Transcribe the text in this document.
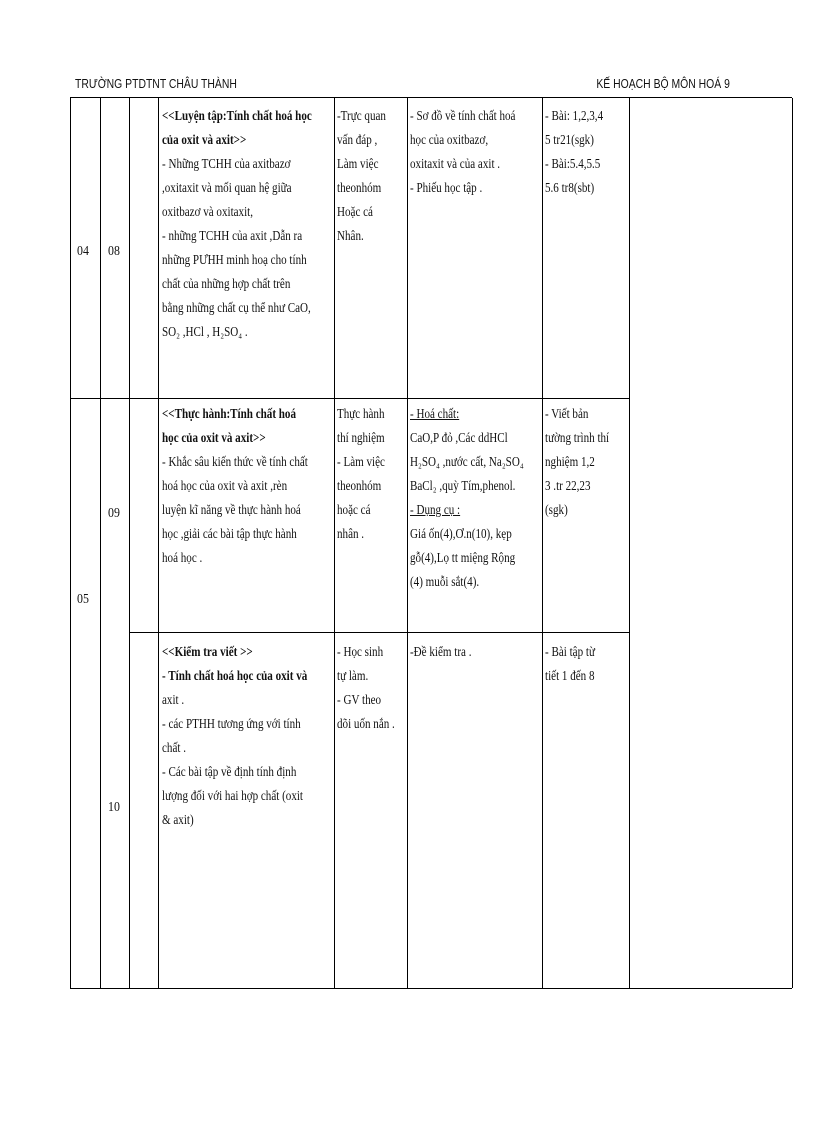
TRƯỜNG PTDTNT CHÂU THÀNH	KẾ HOẠCH BỘ MÔN HOÁ 9
04 08
<<Luyện tập:Tính chất hoá học
của oxit và axit>>
- Những TCHH của axitbazơ
,oxitaxit và mối quan hệ giữa
oxitbazơ và oxitaxit,
- những TCHH của axit ,Dẫn ra
những PƯHH minh hoạ cho tính
chất của những hợp chất trên
bằng những chất cụ thể như CaO,
SO₂ ,HCl , H₂SO₄ .
-Trực quan
vấn đáp ,
Làm việc
theonhóm
Hoặc cá
Nhân.
- Sơ đồ về tính chất hoá
học của oxitbazơ,
oxitaxit và của axit .
- Phiếu học tập .
- Bài: 1,2,3,4
5 tr21(sgk)
- Bài:5.4,5.5
5.6 tr8(sbt)
05
09
<<Thực hành:Tính chất hoá
học của oxit và axit>>
- Khắc sâu kiến thức về tính chất
hoá học của oxit và axit ,rèn
luyện kĩ năng về thực hành hoá
học ,giải các bài tập thực hành
hoá học .
Thực hành
thí nghiệm
- Làm việc
theonhóm
hoặc cá
nhân .
- Hoá chất:
CaO,P đỏ ,Các ddHCl
H₂SO₄ ,nước cất, Na₂SO₄
BaCl₂ ,quỳ Tím,phenol.
- Dụng cụ :
Giá ốn(4),Ơ.n(10), kẹp
gỗ(4),Lọ tt miệng Rộng
(4) muỗi sắt(4).
- Viết bản
tường trình thí
nghiệm 1,2
3 .tr 22,23
(sgk)
10
<<Kiểm tra viết >>
- Tính chất hoá học của oxit và
axit .
- các PTHH tương ứng với tính
chất .
- Các bài tập về định tính định
lượng đối với hai hợp chất (oxit
& axit)
- Học sinh
tự làm.
- GV theo
dõi uốn nắn .
-Đề kiểm tra .	- Bài tập từ
tiết 1 đến 8
